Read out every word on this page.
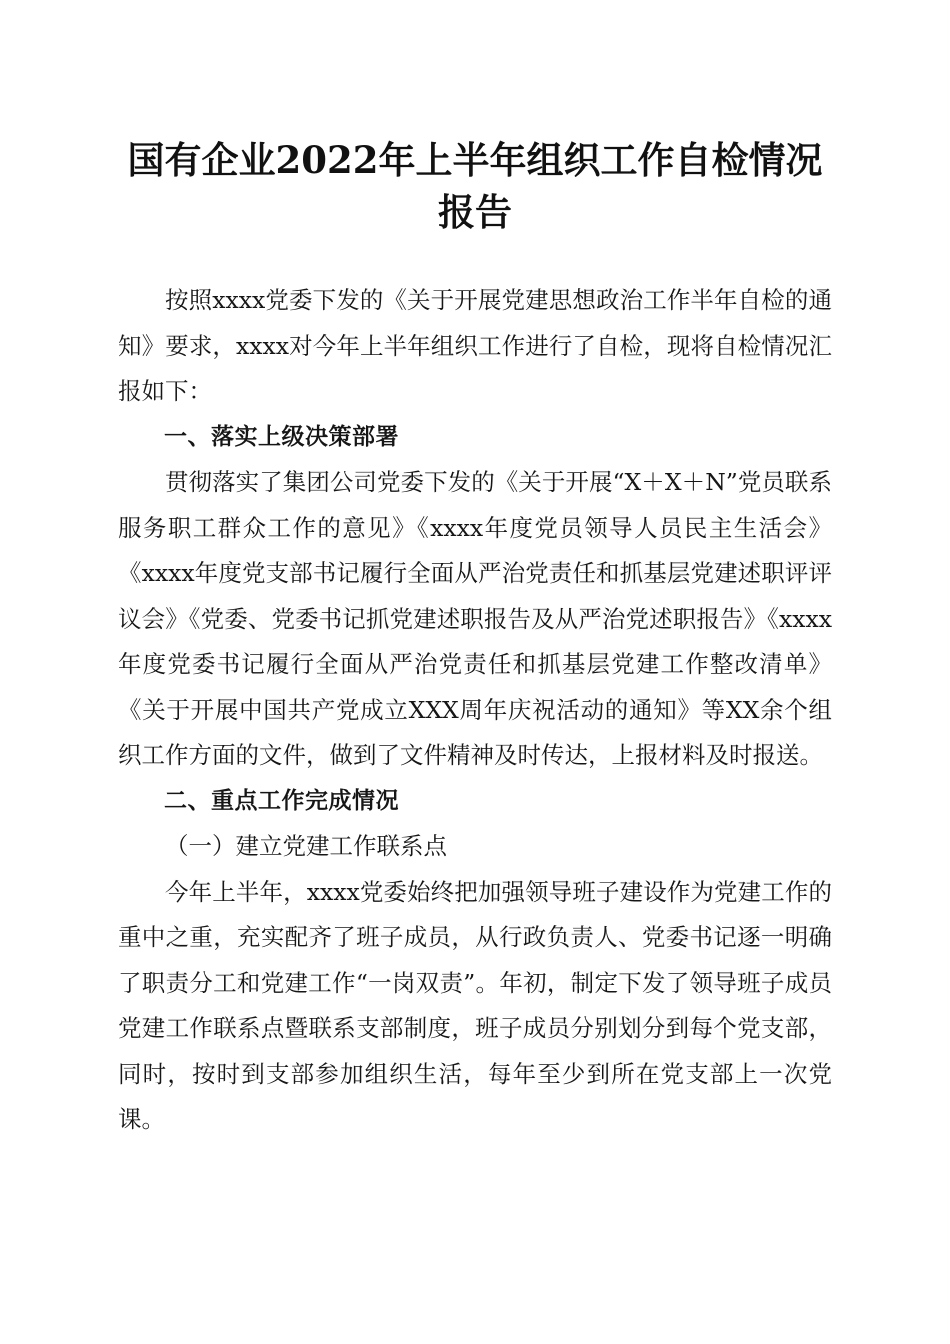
国有企业2022年上半年组织工作自检情况报告

按照xxxx党委下发的《关于开展党建思想政治工作半年自检的通知》要求，xxxx对今年上半年组织工作进行了自检，现将自检情况汇报如下：

一、落实上级决策部署

贯彻落实了集团公司党委下发的《关于开展“X＋X＋N”党员联系服务职工群众工作的意见》《xxxx年度党员领导人员民主生活会》《xxxx年度党支部书记履行全面从严治党责任和抓基层党建述职评评议会》《党委、党委书记抓党建述职报告及从严治党述职报告》《xxxx年度党委书记履行全面从严治党责任和抓基层党建工作整改清单》《关于开展中国共产党成立XXX周年庆祝活动的通知》等XX余个组织工作方面的文件，做到了文件精神及时传达，上报材料及时报送。

二、重点工作完成情况

（一）建立党建工作联系点

今年上半年，xxxx党委始终把加强领导班子建设作为党建工作的重中之重，充实配齐了班子成员，从行政负责人、党委书记逐一明确了职责分工和党建工作“一岗双责”。年初，制定下发了领导班子成员党建工作联系点暨联系支部制度，班子成员分别划分到每个党支部，同时，按时到支部参加组织生活，每年至少到所在党支部上一次党课。
